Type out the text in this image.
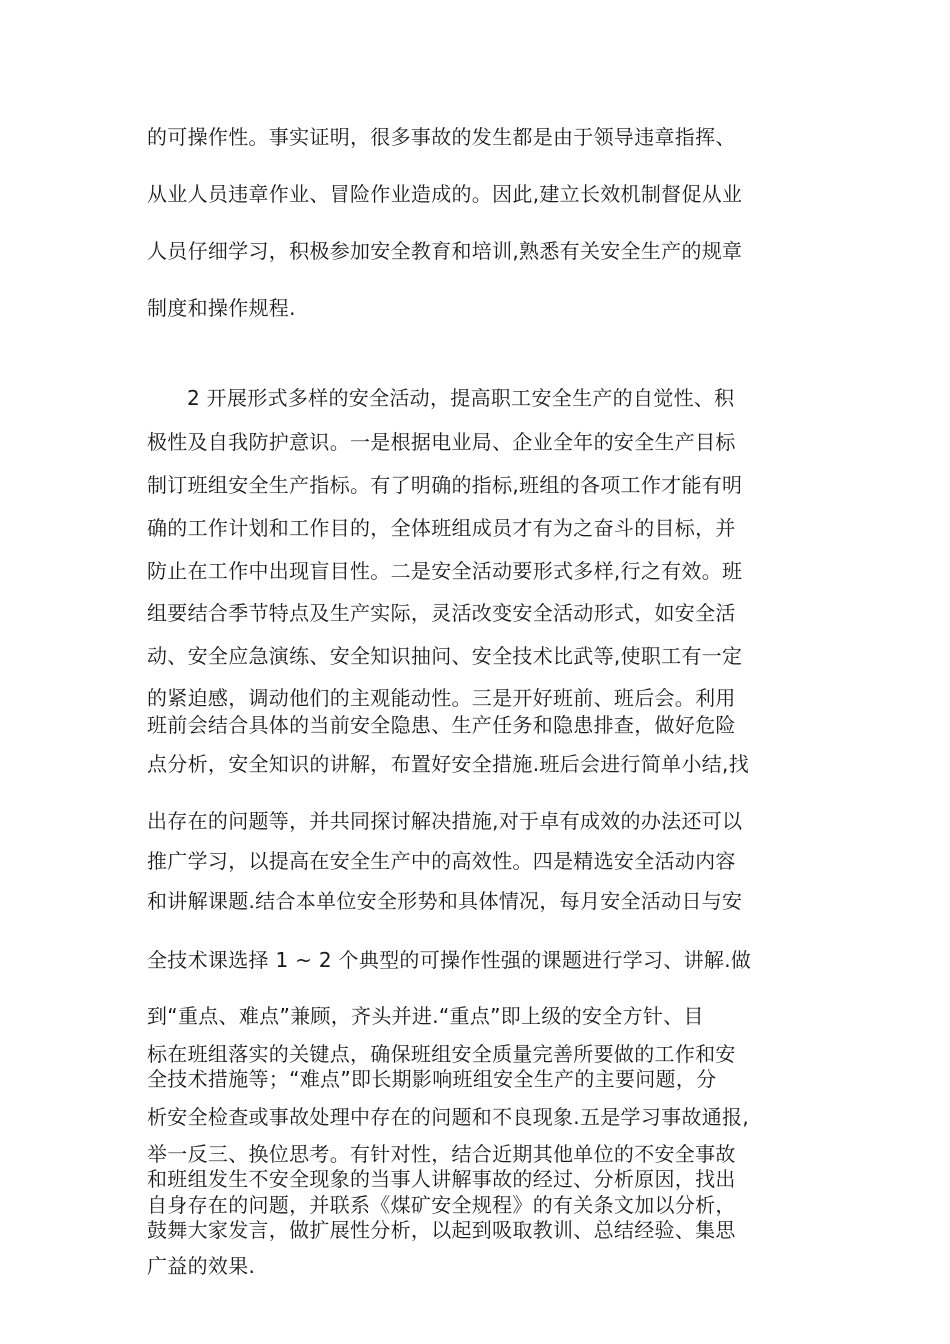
的可操作性。事实证明，很多事故的发生都是由于领导违章指挥、
从业人员违章作业、冒险作业造成的。因此,建立长效机制督促从业
人员仔细学习，积极参加安全教育和培训,熟悉有关安全生产的规章
制度和操作规程.
2 开展形式多样的安全活动，提高职工安全生产的自觉性、积
极性及自我防护意识。一是根据电业局、企业全年的安全生产目标
制订班组安全生产指标。有了明确的指标,班组的各项工作才能有明
确的工作计划和工作目的，全体班组成员才有为之奋斗的目标，并
防止在工作中出现盲目性。二是安全活动要形式多样,行之有效。班
组要结合季节特点及生产实际，灵活改变安全活动形式，如安全活
动、安全应急演练、安全知识抽问、安全技术比武等,使职工有一定
的紧迫感，调动他们的主观能动性。三是开好班前、班后会。利用
班前会结合具体的当前安全隐患、生产任务和隐患排查，做好危险
点分析，安全知识的讲解，布置好安全措施.班后会进行简单小结,找
出存在的问题等，并共同探讨解决措施,对于卓有成效的办法还可以
推广学习，以提高在安全生产中的高效性。四是精选安全活动内容
和讲解课题.结合本单位安全形势和具体情况，每月安全活动日与安
全技术课选择 1 ~ 2 个典型的可操作性强的课题进行学习、讲解.做
到“重点、难点”兼顾，齐头并进.“重点”即上级的安全方针、目
标在班组落实的关键点，确保班组安全质量完善所要做的工作和安
全技术措施等；“难点”即长期影响班组安全生产的主要问题，分
析安全检查或事故处理中存在的问题和不良现象.五是学习事故通报,
举一反三、换位思考。有针对性，结合近期其他单位的不安全事故
和班组发生不安全现象的当事人讲解事故的经过、分析原因，找出
自身存在的问题，并联系《煤矿安全规程》的有关条文加以分析，
鼓舞大家发言，做扩展性分析，以起到吸取教训、总结经验、集思
广益的效果.
